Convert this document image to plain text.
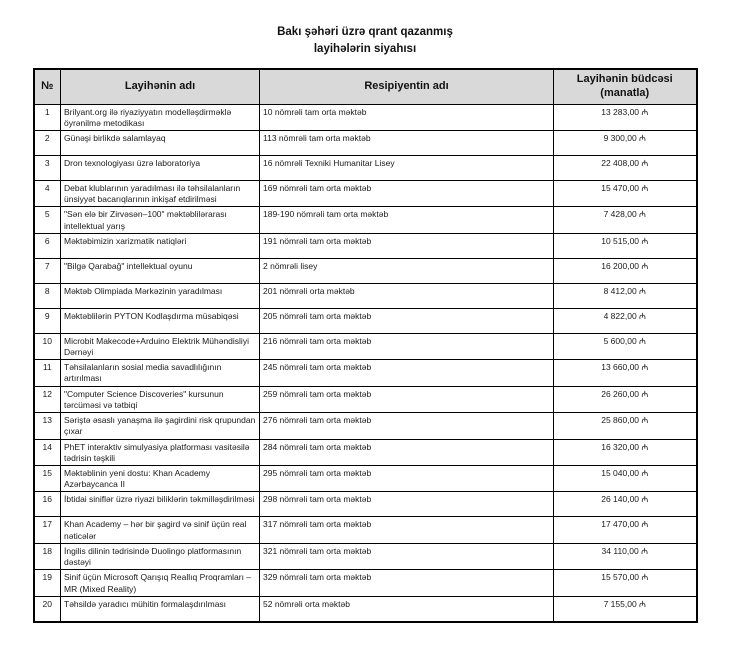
Bakı şəhəri üzrə qrant qazanmış
layihələrin siyahısı
№	Layihənin adı	Resipiyentin adı	Layihənin büdcəsi (manatla)
1	Brilyant.org ilə riyaziyyatın modelləşdirməklə öyrənilmə metodikası	10 nömrəli tam orta məktəb	13 283,00 ₼
2	Günəşi birlikdə salamlayaq	113 nömrəli tam orta məktəb	9 300,00 ₼
3	Dron texnologiyası üzrə laboratoriya	16 nömrəli Texniki Humanitar Lisey	22 408,00 ₼
4	Debat klublarının yaradılması ilə təhsilalanların ünsiyyət bacarıqlarının inkişaf etdirilməsi	169 nömrəli tam orta məktəb	15 470,00 ₼
5	"Sən elə bir Zirvəsən–100" məktəblilərarası intellektual yarış	189-190 nömrəli tam orta məktəb	7 428,00 ₼
6	Məktəbimizin xarizmatik natiqləri	191 nömrəli tam orta məktəb	10 515,00 ₼
7	"Bilgə Qarabağ" intellektual oyunu	2 nömrəli lisey	16 200,00 ₼
8	Məktəb Olimpiada Mərkəzinin yaradılması	201 nömrəli orta məktəb	8 412,00 ₼
9	Məktəblilərin PYTON Kodlaşdırma müsabiqəsi	205 nömrəli tam orta məktəb	4 822,00 ₼
10	Microbit Makecode+Arduino Elektrik Mühəndisliyi Dərnəyi	216 nömrəli tam orta məktəb	5 600,00 ₼
11	Təhsilalanların sosial media savadlılığının artırılması	245 nömrəli tam orta məktəb	13 660,00 ₼
12	"Computer Science Discoveries" kursunun tərcüməsi və tətbiqi	259 nömrəli tam orta məktəb	26 260,00 ₼
13	Səriştə əsaslı yanaşma ilə şagirdini risk qrupundan çıxar	276 nömrəli tam orta məktəb	25 860,00 ₼
14	PhET interaktiv simulyasiya platforması vasitəsilə tədrisin təşkili	284 nömrəli tam orta məktəb	16 320,00 ₼
15	Məktəblinin yeni dostu: Khan Academy Azərbaycanca II	295 nömrəli tam orta məktəb	15 040,00 ₼
16	İbtidai siniflər üzrə riyazi biliklərin təkmilləşdirilməsi	298 nömrəli tam orta məktəb	26 140,00 ₼
17	Khan Academy – hər bir şagird və sinif üçün real nəticələr	317 nömrəli tam orta məktəb	17 470,00 ₼
18	İngilis dilinin tədrisində Duolingo platformasının dəstəyi	321 nömrəli tam orta məktəb	34 110,00 ₼
19	Sinif üçün Microsoft Qarışıq Reallıq Proqramları – MR (Mixed Reality)	329 nömrəli tam orta məktəb	15 570,00 ₼
20	Təhsildə yaradıcı mühitin formalaşdırılması	52 nömrəli orta məktəb	7 155,00 ₼
